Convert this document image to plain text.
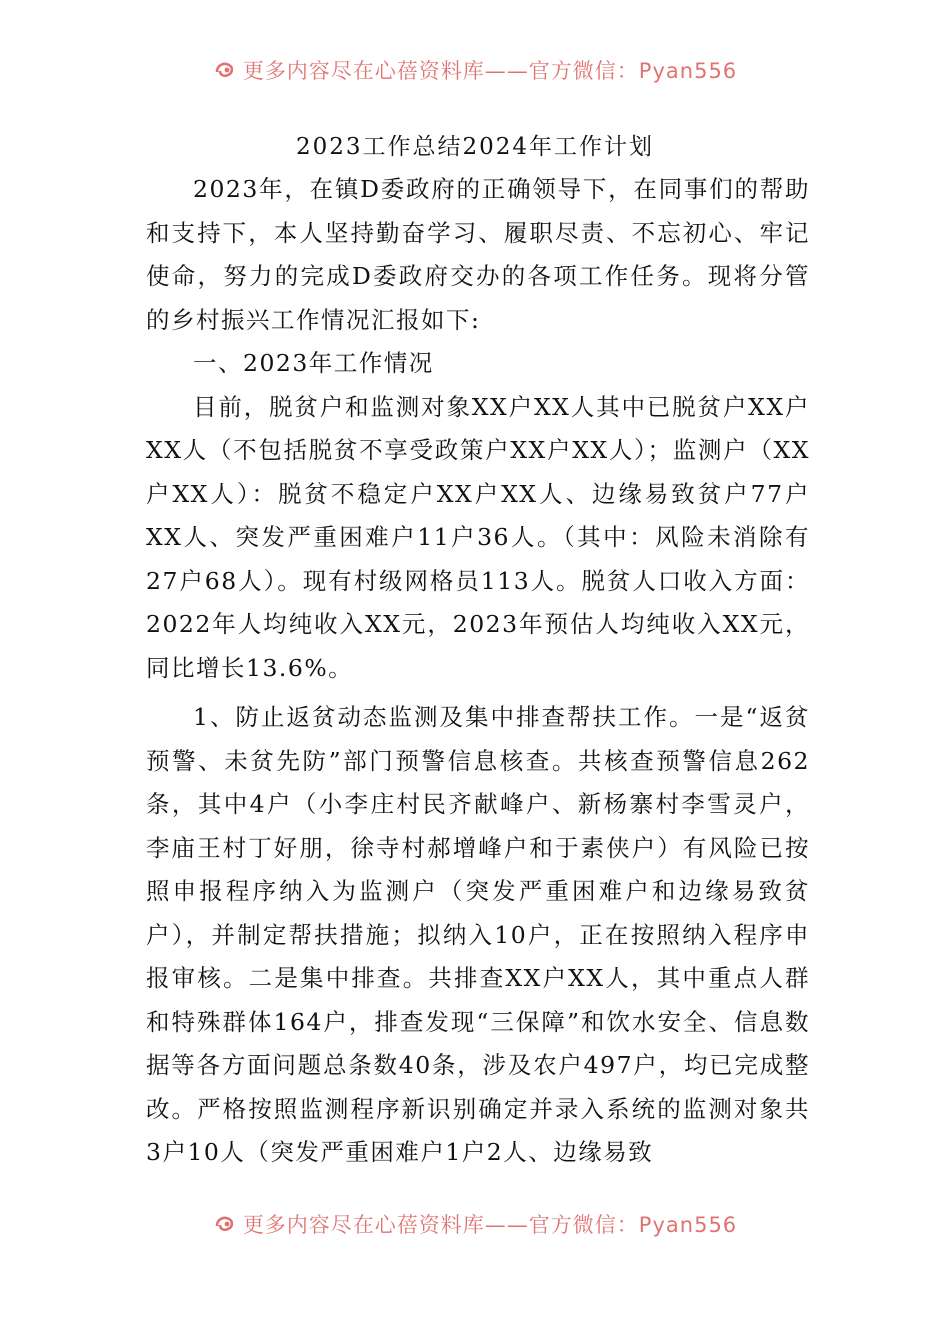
更多内容尽在心蓓资料库——官方微信：Pyan556
2023工作总结2024年工作计划

2023年，在镇D委政府的正确领导下，在同事们的帮助和支持下，本人坚持勤奋学习、履职尽责、不忘初心、牢记使命，努力的完成D委政府交办的各项工作任务。现将分管的乡村振兴工作情况汇报如下:

一、2023年工作情况

目前，脱贫户和监测对象XX户XX人其中已脱贫户XX户XX人（不包括脱贫不享受政策户XX户XX人）；监测户（XX户XX人）：脱贫不稳定户XX户XX人、边缘易致贫户77户XX人、突发严重困难户11户36人。（其中：风险未消除有27户68人）。现有村级网格员113人。脱贫人口收入方面：2022年人均纯收入XX元，2023年预估人均纯收入XX元，同比增长13.6%。

1、防止返贫动态监测及集中排查帮扶工作。一是“返贫预警、未贫先防”部门预警信息核查。共核查预警信息262条，其中4户（小李庄村民齐献峰户、新杨寨村李雪灵户，李庙王村丁好朋，徐寺村郝增峰户和于素侠户）有风险已按照申报程序纳入为监测户（突发严重困难户和边缘易致贫户），并制定帮扶措施；拟纳入10户，正在按照纳入程序申报审核。二是集中排查。共排查XX户XX人，其中重点人群和特殊群体164户，排查发现“三保障”和饮水安全、信息数据等各方面问题总条数40条，涉及农户497户，均已完成整改。严格按照监测程序新识别确定并录入系统的监测对象共3户10人（突发严重困难户1户2人、边缘易致

更多内容尽在心蓓资料库——官方微信：Pyan556
